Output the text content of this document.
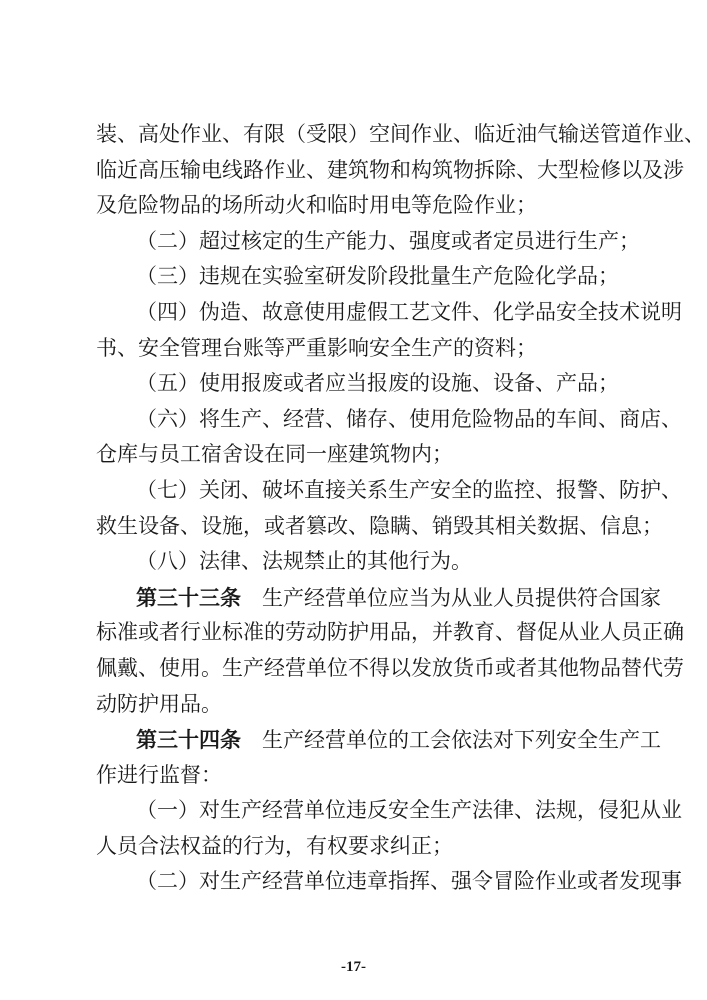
装、高处作业、有限（受限）空间作业、临近油气输送管道作业、
临近高压输电线路作业、建筑物和构筑物拆除、大型检修以及涉
及危险物品的场所动火和临时用电等危险作业；
（二）超过核定的生产能力、强度或者定员进行生产；
（三）违规在实验室研发阶段批量生产危险化学品；
（四）伪造、故意使用虚假工艺文件、化学品安全技术说明
书、安全管理台账等严重影响安全生产的资料；
（五）使用报废或者应当报废的设施、设备、产品；
（六）将生产、经营、储存、使用危险物品的车间、商店、
仓库与员工宿舍设在同一座建筑物内；
（七）关闭、破坏直接关系生产安全的监控、报警、防护、
救生设备、设施，或者篡改、隐瞒、销毁其相关数据、信息；
（八）法律、法规禁止的其他行为。
第三十三条　生产经营单位应当为从业人员提供符合国家
标准或者行业标准的劳动防护用品，并教育、督促从业人员正确
佩戴、使用。生产经营单位不得以发放货币或者其他物品替代劳
动防护用品。
第三十四条　生产经营单位的工会依法对下列安全生产工
作进行监督：
（一）对生产经营单位违反安全生产法律、法规，侵犯从业
人员合法权益的行为，有权要求纠正；
（二）对生产经营单位违章指挥、强令冒险作业或者发现事
-17-
